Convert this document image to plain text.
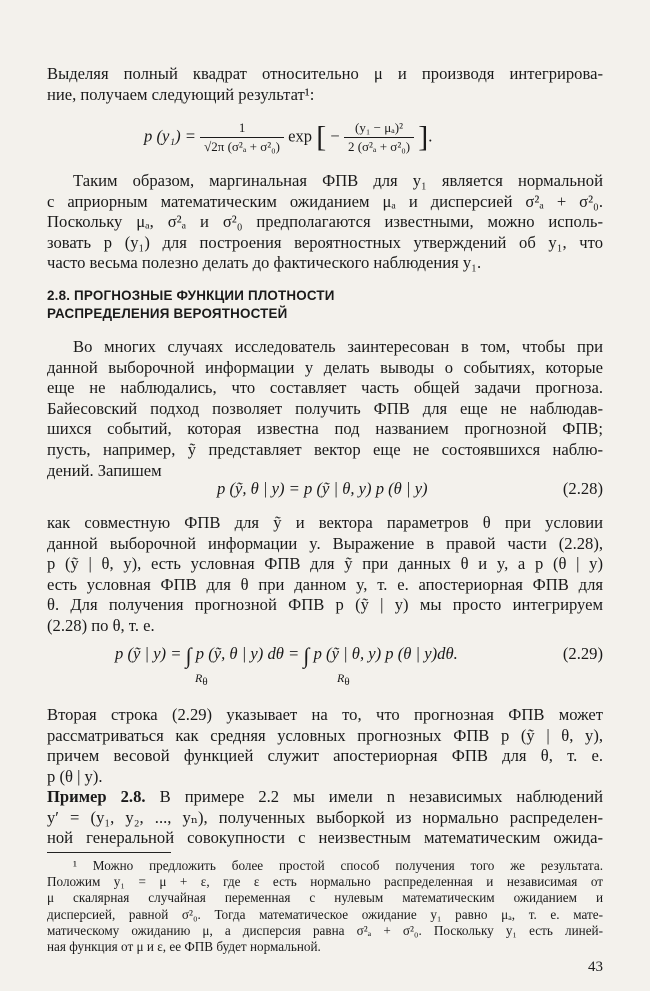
Выделяя полный квадрат относительно μ и производя интегрирова-
ние, получаем следующий результат¹:

p $(y_1) = \frac{1}{\text{√2π (σ²ₐ + σ²₀)}}$ exp [ − $\frac{\text{(y₁ − μₐ)²}}{\text{2 (σ²ₐ + σ²₀)}}$ ].

Таким образом, маргинальная ФПВ для y₁ является нормальной
с априорным математическим ожиданием μₐ и дисперсией σ²ₐ + σ²₀.
Поскольку μₐ, σ²ₐ и σ²₀ предполагаются известными, можно исполь-
зовать p (y₁) для построения вероятностных утверждений об y₁, что
часто весьма полезно делать до фактического наблюдения y₁.

2.8. ПРОГНОЗНЫЕ ФУНКЦИИ ПЛОТНОСТИ
РАСПРЕДЕЛЕНИЯ ВЕРОЯТНОСТЕЙ

Во многих случаях исследователь заинтересован в том, чтобы при
данной выборочной информации y делать выводы о событиях, которые
еще не наблюдались, что составляет часть общей задачи прогноза.
Байесовский подход позволяет получить ФПВ для еще не наблюдав-
шихся событий, которая известна под названием прогнозной ФПВ;
пусть, например, ỹ представляет вектор еще не состоявшихся наблю-
дений. Запишем

p (ỹ, θ | y) = p (ỹ | θ, y) p (θ | y)	(2.28)

как совместную ФПВ для ỹ и вектора параметров θ при условии
данной выборочной информации y. Выражение в правой части (2.28),
p (ỹ | θ, y), есть условная ФПВ для ỹ при данных θ и y, а p (θ | y)
есть условная ФПВ для θ при данном y, т. е. апостериорная ФПВ для
θ. Для получения прогнозной ФПВ p (ỹ | y) мы просто интегрируем
(2.28) по θ, т. е.

p (ỹ | y) = ∫ p (ỹ, θ | y) dθ = ∫ p (ỹ | θ, y) p (θ | y)dθ.
Rθ	Rθ
(2.29)

Вторая строка (2.29) указывает на то, что прогнозная ФПВ может
рассматриваться как средняя условных прогнозных ФПВ p (ỹ | θ, y),
причем весовой функцией служит апостериорная ФПВ для θ, т. е.
p (θ | y).

Пример 2.8. В примере 2.2 мы имели n независимых наблюдений
y′ = (y₁, y₂, ..., yₙ), полученных выборкой из нормально распределен-
ной генеральной совокупности с неизвестным математическим ожида-

¹ Можно предложить более простой способ получения того же результата.
Положим y₁ = μ + ε, где ε есть нормально распределенная и независимая от
μ скалярная случайная переменная с нулевым математическим ожиданием и
дисперсией, равной σ²₀. Тогда математическое ожидание y₁ равно μₐ, т. е. мате-
матическому ожиданию μ, а дисперсия равна σ²ₐ + σ²₀. Поскольку y₁ есть линей-
ная функция от μ и ε, ее ФПВ будет нормальной.

43
